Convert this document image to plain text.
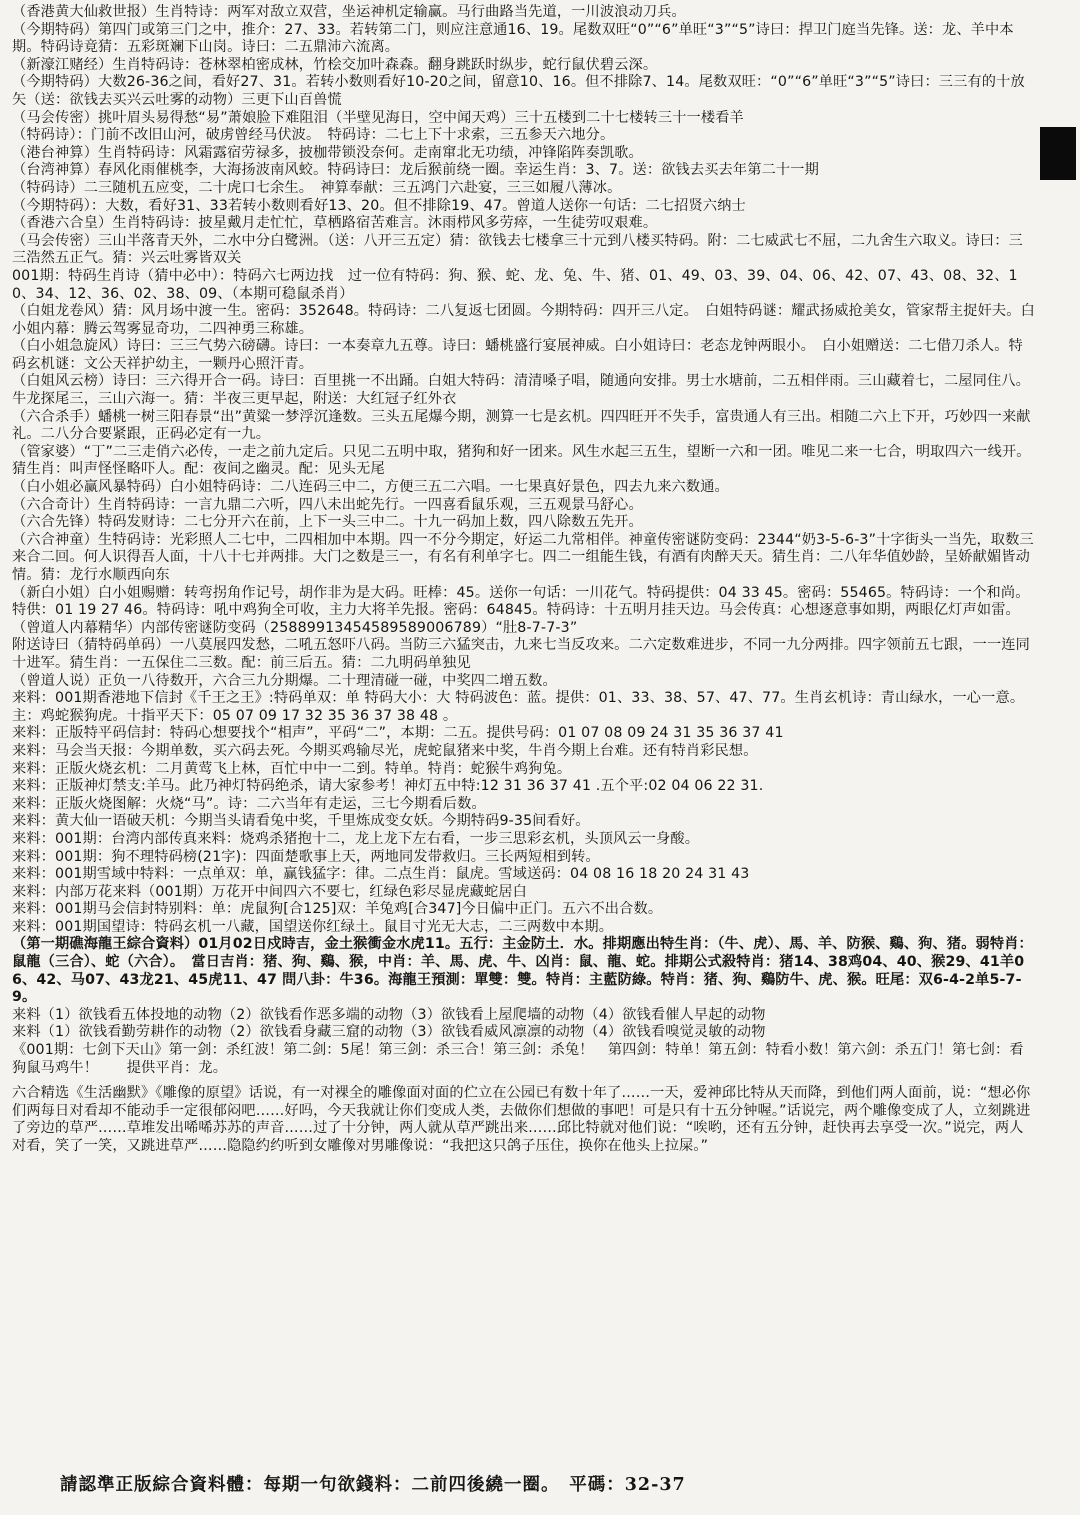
（香港黄大仙救世报）生肖特诗：两军对敌立双营，坐运神机定输赢。马行曲路当先道，一川波浪动刀兵。

（今期特码）第四门或第三门之中，推介：27、33。若转第二门，则应注意通16、19。尾数双旺“0”“6”单旺“3”“5”诗曰：捍卫门庭当先锋。送：龙、羊中本期。特码诗竟猜：五彩斑斓下山岗。诗曰：二五鼎沛六流离。

（新濠江赌经）生肖特码诗：苍林翠柏密成林，竹桧交加叶森森。翻身跳跃时纵步，蛇行鼠伏碧云深。

（今期特码）大数26-36之间，看好27、31。若转小数则看好10-20之间，留意10、16。但不排除7、14。尾数双旺：“0”“6”单旺“3”“5”诗曰：三三有的十放矢（送：欲钱去买兴云吐雾的动物）三更下山百兽慌

（马会传密）挑叶眉头易得愁“易”萧娘脸下难阻泪（半壁见海日，空中闻天鸡）三十五楼到二十七楼转三十一楼看羊

（特码诗）：门前不改旧山河，破虏曾经马伏波。　特码诗：二七上下十求索，三五参天六地分。

（港台神算）生肖特码诗：风霜露宿劳禄多，披枷带锁没奈何。走南窜北无功绩，冲锋陷阵奏凯歌。

（台湾神算）春风化雨催桃李，大海扬波南风蛟。特码诗曰：龙后猴前绕一圈。幸运生肖：3、7。送：欲钱去买去年第二十一期

（特码诗）二三随机五应变，二十虎口七余生。　神算奉献：三五鸿门六赴宴，三三如履八薄冰。

（今期特码）：大数，看好31、33若转小数则看好13、20。但不排除19、47。曾道人送你一句话：二七招贤六纳士

（香港六合皇）生肖特码诗：披星戴月走忙忙，草栖路宿苦难言。沐雨栉风多劳瘁，一生徒劳叹艰难。

（马会传密）三山半落青天外，二水中分白鹭洲。（送：八开三五定）猜：欲钱去七楼拿三十元到八楼买特码。附：二七威武七不屈，二九舍生六取义。诗曰：三三浩然五正气。猜：兴云吐雾皆双关

001期：特码生肖诗（猜中必中）：特码六七两边找　过一位有特码：狗、猴、蛇、龙、兔、牛、猪、01、49、03、39、04、06、42、07、43、08、32、10、34、12、36、02、38、09、（本期可稳鼠杀肖）

（白姐龙卷风）猜：风月场中渡一生。密码：352648。特码诗：二八复返七团圆。今期特码：四开三八定。　白姐特码谜：耀武扬威抢美女，管家帮主捉奸夫。白小姐内幕：腾云驾雾显奇功，二四神勇三称雄。

（白小姐急旋风）诗曰：三三气势六磅礴。诗曰：一本奏章九五尊。诗曰：蟠桃盛行宴展神威。白小姐诗曰：老态龙钟两眼小。　白小姐赠送：二七借刀杀人。特码玄机谜：文公天祥护幼主，一颗丹心照汗青。

（白姐风云榜）诗曰：三六得开合一码。诗曰：百里挑一不出踊。白姐大特码：清清嗓子唱，随通向安排。男士水塘前，二五相伴雨。三山藏着七，二屋同住八。牛龙探尾三，三山六海一。猜：半夜三更早起，附送：大红冠子红外衣

（六合杀手）蟠桃一树三阳春景“出”黄粱一梦浮沉逢数。三头五尾爆今期，测算一七是玄机。四四旺开不失手，富贵通人有三出。相随二六上下开，巧妙四一来献礼。二八分合要紧跟，正码必定有一九。

（管家婆）“丁”二三走俏六必传，一走之前九定后。只见二五明中取，猪狗和好一团来。风生水起三五生，望断一六和一团。唯见二来一七合，明取四六一线开。猜生肖：叫声怪怪略吓人。配：夜间之幽灵。配：见头无尾

（白小姐必赢风暴特码）白小姐特码诗：二八连码三中二，方便三五二六唱。一七果真好景色，四去九来六数通。

（六合奇计）生肖特码诗：一言九鼎二六听，四八未出蛇先行。一四喜看鼠乐观，三五观景马舒心。

（六合先锋）特码发财诗：二七分开六在前，上下一头三中二。十九一码加上数，四八除数五先开。

（六合神童）生特码诗：光彩照人二七中，二四相加中本期。四一不分今期定，好运二九常相伴。神童传密谜防变码：2344“奶3-5-6-3”十字街头一当先，取数三来合二回。何人识得吾人面，十八十七并两排。大门之数是三一，有名有利单字七。四二一组能生钱，有酒有肉醉天天。猜生肖：二八年华值妙龄，呈娇献媚皆动情。猜：龙行水顺西向东

（新白小姐）白小姐赐赠：转弯拐角作记号，胡作非为是大码。旺棒：45。送你一句话：一川花气。特码提供：04 33 45。密码：55465。特码诗：一个和尚。特供：01 19 27 46。特码诗：吼中鸡狗全可收，主力大将羊先报。密码：64845。特码诗：十五明月挂天边。马会传真：心想逐意事如期，两眼亿灯声如雷。

（曾道人内幕精华）内部传密谜防变码（25889913454589589006789）“肚8-7-7-3”

附送诗曰（猜特码单码）一八莫展四发愁，二吼五怒吓八码。当防三六猛突击，九来七当反攻来。二六定数难进步，不同一九分两排。四字领前五七跟，一一连同十进军。猜生肖：一五保住二三数。配：前三后五。猜：二九明码单独见

（曾道人说）正负一八待数开，六合三九分期爆。二十理清碰一碰，中奖四二增五数。

来料：001期香港地下信封《千王之王》:特码单双：单 特码大小：大 特码波色：蓝。提供：01、33、38、57、47、77。生肖玄机诗：青山绿水，一心一意。主：鸡蛇猴狗虎。十指平天下：05 07 09 17 32 35 36 37 38 48 。

来料：正版特平码信封：特码心想要找个“相声”，平码“二”，本期：二五。提供号码：01 07 08 09 24 31 35 36 37 41

来料：马会当天报：今期单数，买六码去死。今期买鸡输尽光，虎蛇鼠猪来中奖，牛肖今期上台难。还有特肖彩民想。

来料：正版火烧玄机：二月黄莺飞上林，百忙中中一二到。特单。特肖：蛇猴牛鸡狗兔。

来料：正版神灯禁支:羊马。此乃神灯特码绝杀，请大家参考！神灯五中特:12 31 36 37 41 .五个平:02 04 06 22 31.

来料：正版火烧图解：火烧“马”。诗：二六当年有走运，三七今期看后数。

来料：黄大仙一语破天机：今期当头请看兔中奖，千里炼成变女妖。今期特码9-35间看好。

来料：001期：台湾内部传真来料：烧鸡杀猪抱十二，龙上龙下左右看，一步三思彩玄机，头顶风云一身酸。

来料：001期：狗不理特码榜(21字)：四面楚歌事上天，两地同发带救归。三长两短相到转。

来料：001期雪域中特料：一点单双：单，赢钱猛字：律。二点生肖：鼠虎。雪域送码：04 08 16 18 20 24 31 43

来料：内部万花来料（001期）万花开中间四六不要七，红绿色彩尽显虎藏蛇居白

来料：001期马会信封特别料：单：虎鼠狗[合125]双：羊兔鸡[合347]今日偏中正门。五六不出合数。

来料：001期国望诗：特码玄机一八藏，国望送你红绿土。鼠目寸光无大志，二三两数中本期。

（第一期礁海龍王綜合資料）01月02日戍時吉，金土猴衝金水虎11。五行：主金防土．水。排期應出特生肖：（牛、虎）、馬、羊、防猴、鷄、狗、猪。弱特肖：鼠龍（三合）、蛇（六合）。　當日吉肖：猪、狗、鷄、猴，中肖：羊、馬、虎、牛、凶肖：鼠、龍、蛇。排期公式殺特肖：猪14、38鸡04、40、猴29、41羊06、42、马07、43龙21、45虎11、47 問八卦：牛36。海龍王預測：單雙：雙。特肖：主藍防綠。特肖：猪、狗、鷄防牛、虎、猴。旺尾：双6-4-2单5-7-9。

来料（1）欲钱看五体投地的动物（2）欲钱看作恶多端的动物（3）欲钱看上屋爬墙的动物（4）欲钱看催人早起的动物

来料（1）欲钱看勤劳耕作的动物（2）欲钱看身藏三窟的动物（3）欲钱看威风凛凛的动物（4）欲钱看嗅觉灵敏的动物

《001期：七剑下天山》第一剑：杀红波！第二剑：5尾！第三剑：杀三合！第三剑：杀兔！　第四剑：特单！第五剑：特看小数！第六剑：杀五门！第七剑：看狗鼠马鸡牛！　　提供平肖：龙。

六合精选《生活幽默》《雕像的原望》话说，有一对裸全的雕像面对面的伫立在公园已有数十年了……一天，爱神邱比特从天而降，到他们两人面前，说：“想必你们两每日对看却不能动手一定很郁闷吧……好吗，今天我就让你们变成人类，去做你们想做的事吧！可是只有十五分钟喔。”话说完，两个雕像变成了人，立刻跳进了旁边的草严……草堆发出唏唏苏苏的声音……过了十分钟，两人就从草严跳出来……邱比特就对他们说：“唉哟，还有五分钟，赶快再去享受一次。”说完，两人对看，笑了一笑，又跳进草严……隐隐约约听到女雕像对男雕像说：“我把这只鸽子压住，换你在他头上拉屎。”

請認準正版綜合資料體：每期一句欲錢料：二前四後繞一圈。　平碼：32-37
